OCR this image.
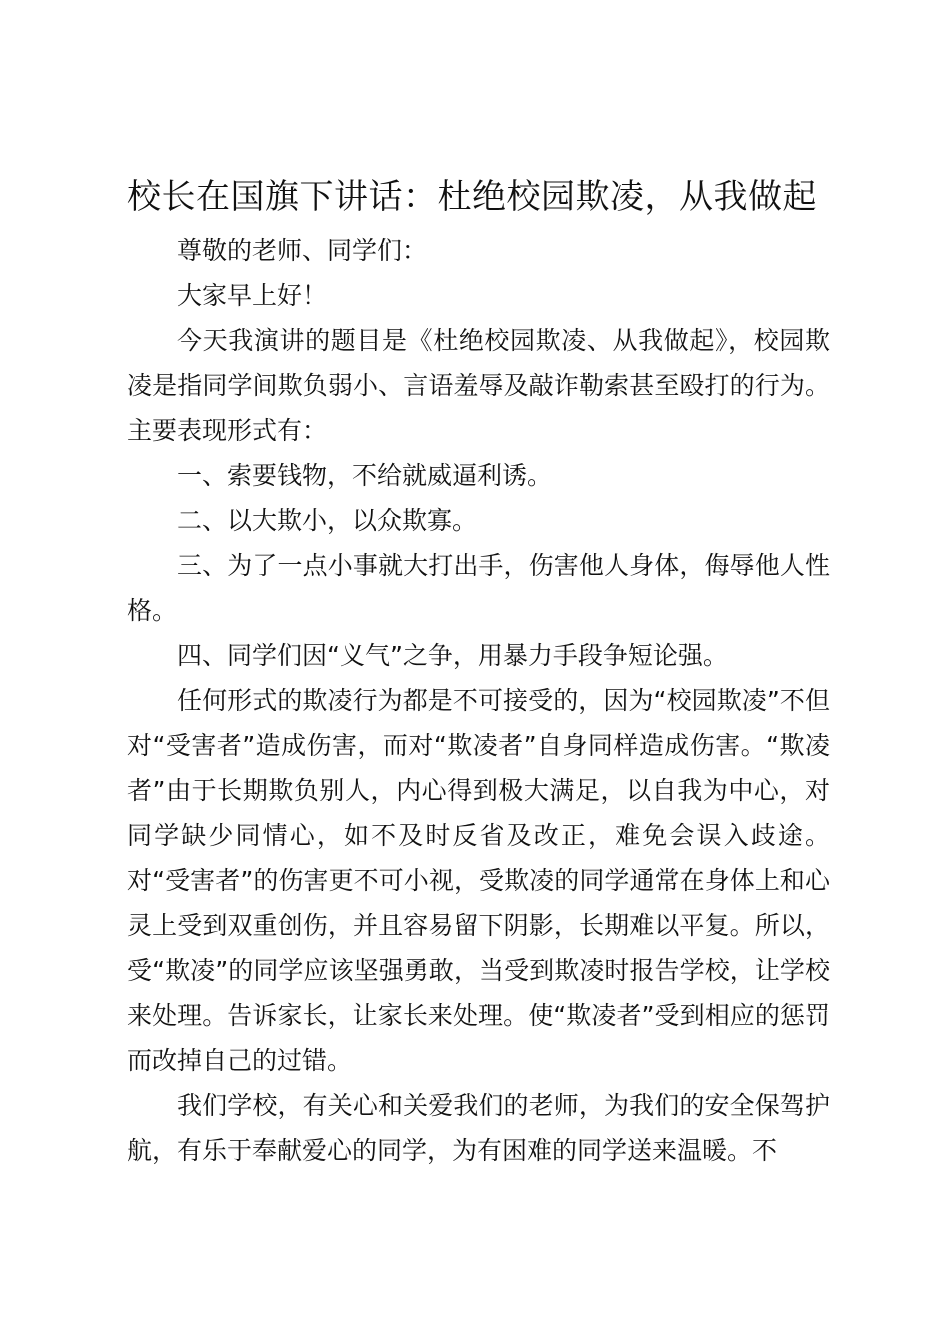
校长在国旗下讲话：杜绝校园欺凌，从我做起

尊敬的老师、同学们：

大家早上好！

今天我演讲的题目是《杜绝校园欺凌、从我做起》，校园欺凌是指同学间欺负弱小、言语羞辱及敲诈勒索甚至殴打的行为。主要表现形式有：

一、索要钱物，不给就威逼利诱。

二、以大欺小，以众欺寡。

三、为了一点小事就大打出手，伤害他人身体，侮辱他人性格。

四、同学们因“义气”之争，用暴力手段争短论强。

任何形式的欺凌行为都是不可接受的，因为“校园欺凌”不但对“受害者”造成伤害，而对“欺凌者”自身同样造成伤害。“欺凌者”由于长期欺负别人，内心得到极大满足，以自我为中心，对同学缺少同情心，如不及时反省及改正，难免会误入歧途。对“受害者”的伤害更不可小视，受欺凌的同学通常在身体上和心灵上受到双重创伤，并且容易留下阴影，长期难以平复。所以，受“欺凌”的同学应该坚强勇敢，当受到欺凌时报告学校，让学校来处理。告诉家长，让家长来处理。使“欺凌者”受到相应的惩罚而改掉自己的过错。

我们学校，有关心和关爱我们的老师，为我们的安全保驾护航，有乐于奉献爱心的同学，为有困难的同学送来温暖。不
